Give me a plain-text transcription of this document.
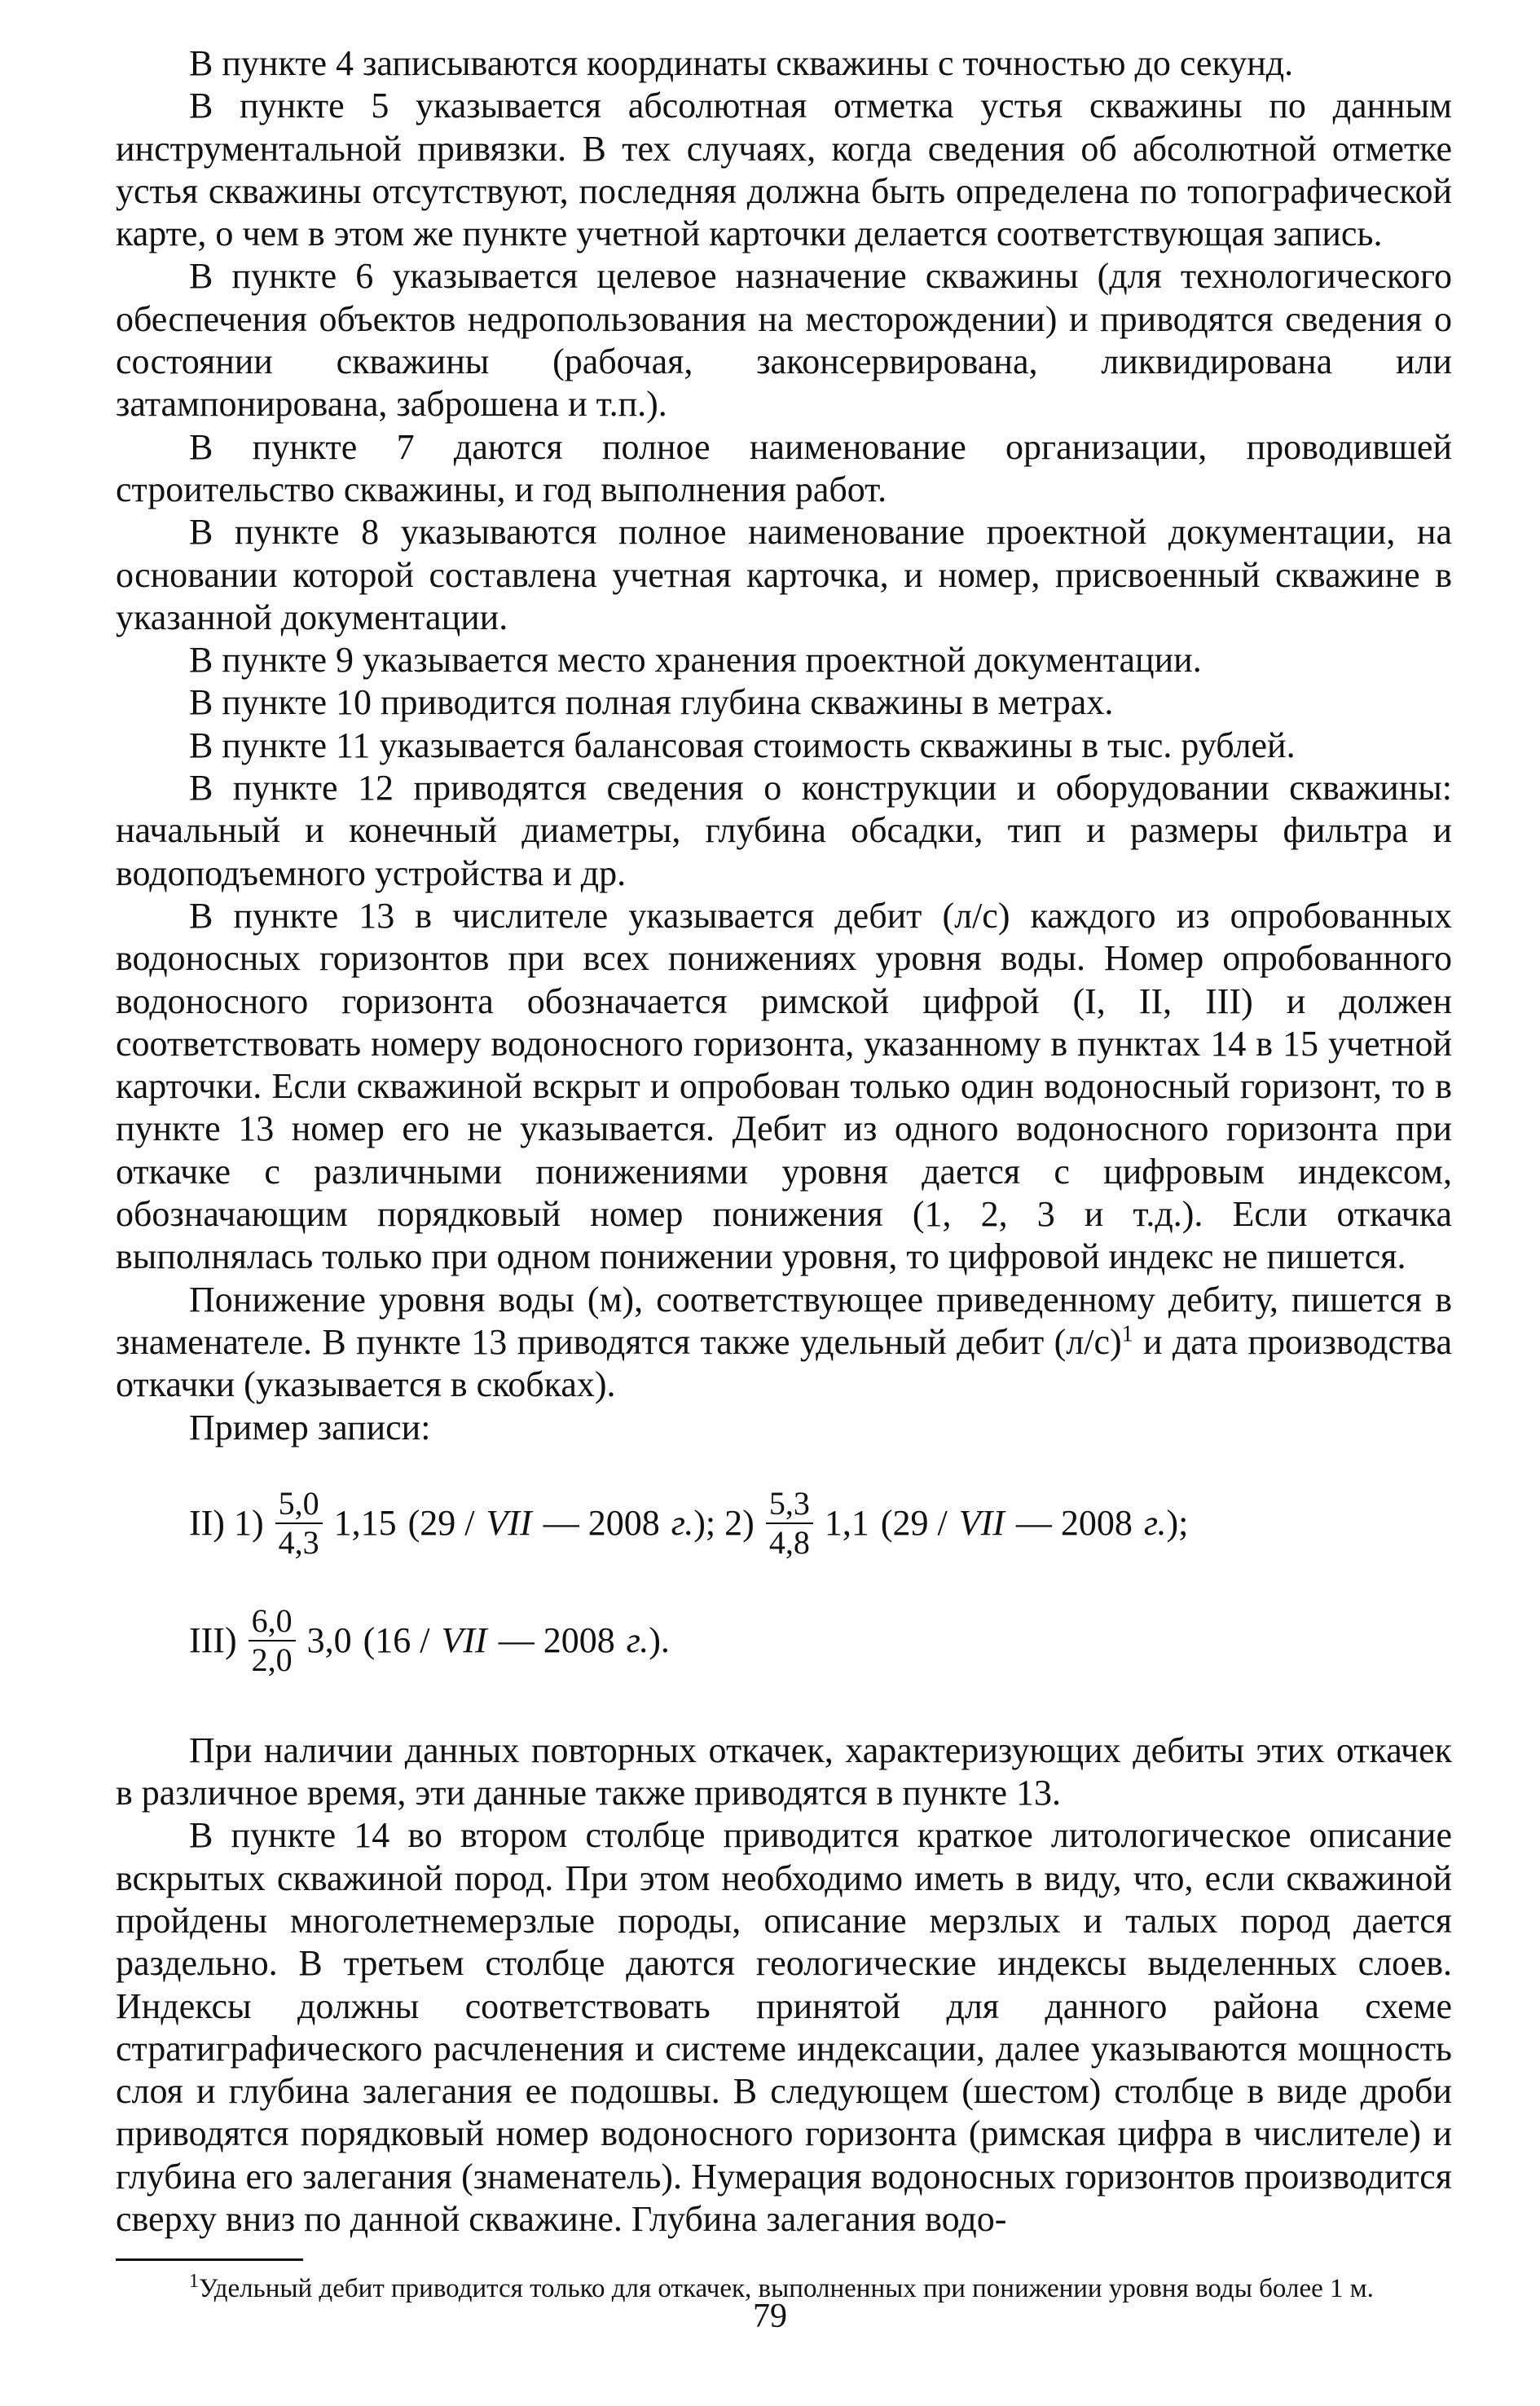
В пункте 4 записываются координаты скважины с точностью до секунд.

В пункте 5 указывается абсолютная отметка устья скважины по данным инструментальной привязки. В тех случаях, когда сведения об абсолютной отметке устья скважины отсутствуют, последняя должна быть определена по топографической карте, о чем в этом же пункте учетной карточки делается соответствующая запись.

В пункте 6 указывается целевое назначение скважины (для технологического обеспечения объектов недропользования на месторождении) и приводятся сведения о состоянии скважины (рабочая, законсервирована, ликвидирована или затампонирована, заброшена и т.п.).

В пункте 7 даются полное наименование организации, проводившей строительство скважины, и год выполнения работ.

В пункте 8 указываются полное наименование проектной документации, на основании которой составлена учетная карточка, и номер, присвоенный скважине в указанной документации.

В пункте 9 указывается место хранения проектной документации.

В пункте 10 приводится полная глубина скважины в метрах.

В пункте 11 указывается балансовая стоимость скважины в тыс. рублей.

В пункте 12 приводятся сведения о конструкции и оборудовании скважины: начальный и конечный диаметры, глубина обсадки, тип и размеры фильтра и водоподъемного устройства и др.

В пункте 13 в числителе указывается дебит (л/с) каждого из опробованных водоносных горизонтов при всех понижениях уровня воды. Номер опробованного водоносного горизонта обозначается римской цифрой (I, II, III) и должен соответствовать номеру водоносного горизонта, указанному в пунктах 14 в 15 учетной карточки. Если скважиной вскрыт и опробован только один водоносный горизонт, то в пункте 13 номер его не указывается. Дебит из одного водоносного горизонта при откачке с различными понижениями уровня дается с цифровым индексом, обозначающим порядковый номер понижения (1, 2, 3 и т.д.). Если откачка выполнялась только при одном понижении уровня, то цифровой индекс не пишется.

Понижение уровня воды (м), соответствующее приведенному дебиту, пишется в знаменателе. В пункте 13 приводятся также удельный дебит $(л/с)^1$ и дата производства откачки (указывается в скобках).

Пример записи:

II) $1) \frac{5,0}{4,3} 1,15$ (29 / VII — 2008 г. ); $2) \frac{5,3}{4,8} 1,1$ (29 / VII — 2008 г. );
$III) \frac{6,0}{2,0} 3,0$ (16 / VII — 2008 г. ).

При наличии данных повторных откачек, характеризующих дебиты этих откачек в различное время, эти данные также приводятся в пункте 13.

В пункте 14 во втором столбце приводится краткое литологическое описание вскрытых скважиной пород. При этом необходимо иметь в виду, что, если скважиной пройдены многолетнемерзлые породы, описание мерзлых и талых пород дается раздельно. В третьем столбце даются геологические индексы выделенных слоев. Индексы должны соответствовать принятой для данного района схеме стратиграфического расчленения и системе индексации, далее указываются мощность слоя и глубина залегания ее подошвы. В следующем (шестом) столбце в виде дроби приводятся порядковый номер водоносного горизонта (римская цифра в числителе) и глубина его залегания (знаменатель). Нумерация водоносных горизонтов производится сверху вниз по данной скважине. Глубина залегания водо-

$^1$Удельный дебит приводится только для откачек, выполненных при понижении уровня воды более 1 м.

79
